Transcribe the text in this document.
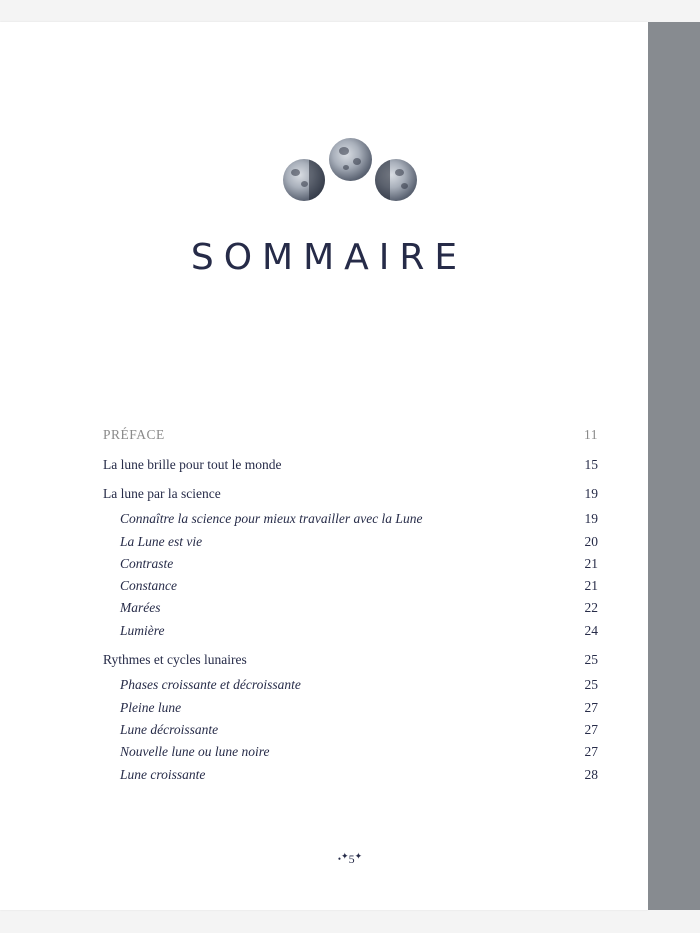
SOMMAIRE
PRÉFACE	11
La lune brille pour tout le monde	15
La lune par la science	19
Connaître la science pour mieux travailler avec la Lune	19
La Lune est vie	20
Contraste	21
Constance	21
Marées	22
Lumière	24
Rythmes et cycles lunaires	25
Phases croissante et décroissante	25
Pleine lune	27
Lune décroissante	27
Nouvelle lune ou lune noire	27
Lune croissante	28
•✦5✦
